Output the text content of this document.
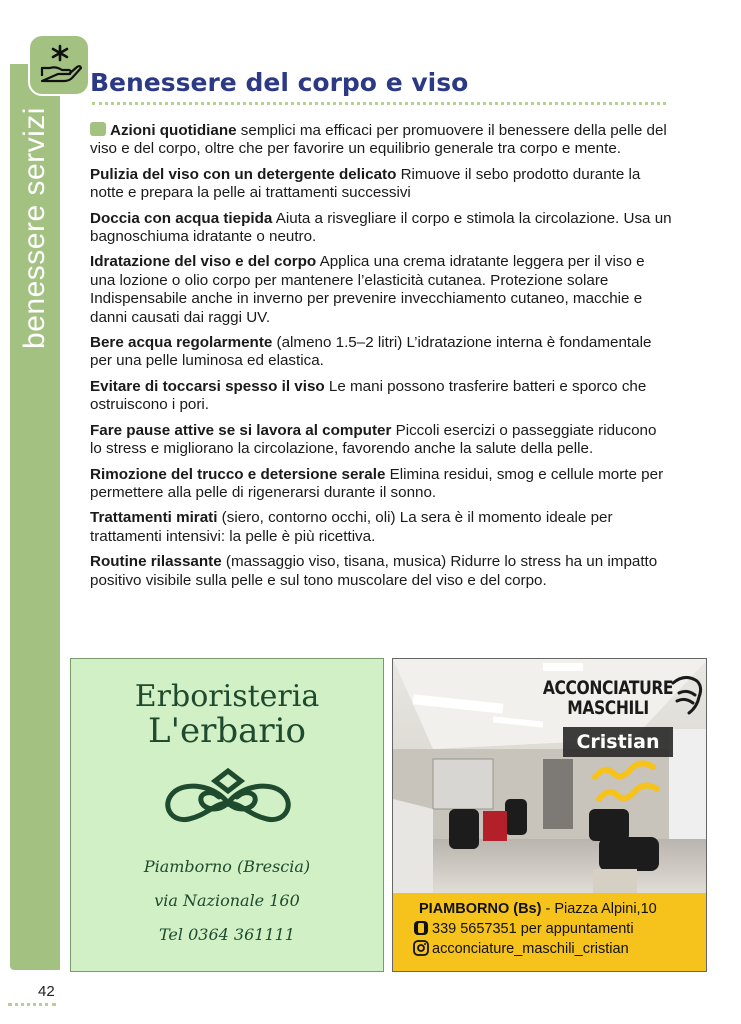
benessere servizi
Benessere del corpo e viso

Azioni quotidiane semplici ma efficaci per promuovere il benessere della pelle del viso e del corpo, oltre che per favorire un equilibrio generale tra corpo e mente.

Pulizia del viso con un detergente delicato Rimuove il sebo prodotto durante la notte e prepara la pelle ai trattamenti successivi

Doccia con acqua tiepida Aiuta a risvegliare il corpo e stimola la circolazione. Usa un bagnoschiuma idratante o neutro.

Idratazione del viso e del corpo Applica una crema idratante leggera per il viso e una lozione o olio corpo per mantenere l’elasticità cutanea. Protezione solare Indispensabile anche in inverno per prevenire invecchiamento cutaneo, macchie e danni causati dai raggi UV.

Bere acqua regolarmente (almeno 1.5–2 litri) L’idratazione interna è fondamentale per una pelle luminosa ed elastica.

Evitare di toccarsi spesso il viso Le mani possono trasferire batteri e sporco che ostruiscono i pori.

Fare pause attive se si lavora al computer Piccoli esercizi o passeggiate riducono lo stress e migliorano la circolazione, favorendo anche la salute della pelle.

Rimozione del trucco e detersione serale Elimina residui, smog e cellule morte per permettere alla pelle di rigenerarsi durante il sonno.

Trattamenti mirati (siero, contorno occhi, oli) La sera è il momento ideale per trattamenti intensivi: la pelle è più ricettiva.

Routine rilassante (massaggio viso, tisana, musica) Ridurre lo stress ha un impatto positivo visibile sulla pelle e sul tono muscolare del viso e del corpo.

Erboristeria
L'erbario
Piamborno (Brescia)
via Nazionale 160
Tel 0364 361111
ACCONCIATURE
MASCHILI
Cristian
PIAMBORNO (Bs) - Piazza Alpini,10
339 5657351 per appuntamenti
acconciature_maschili_cristian
42
